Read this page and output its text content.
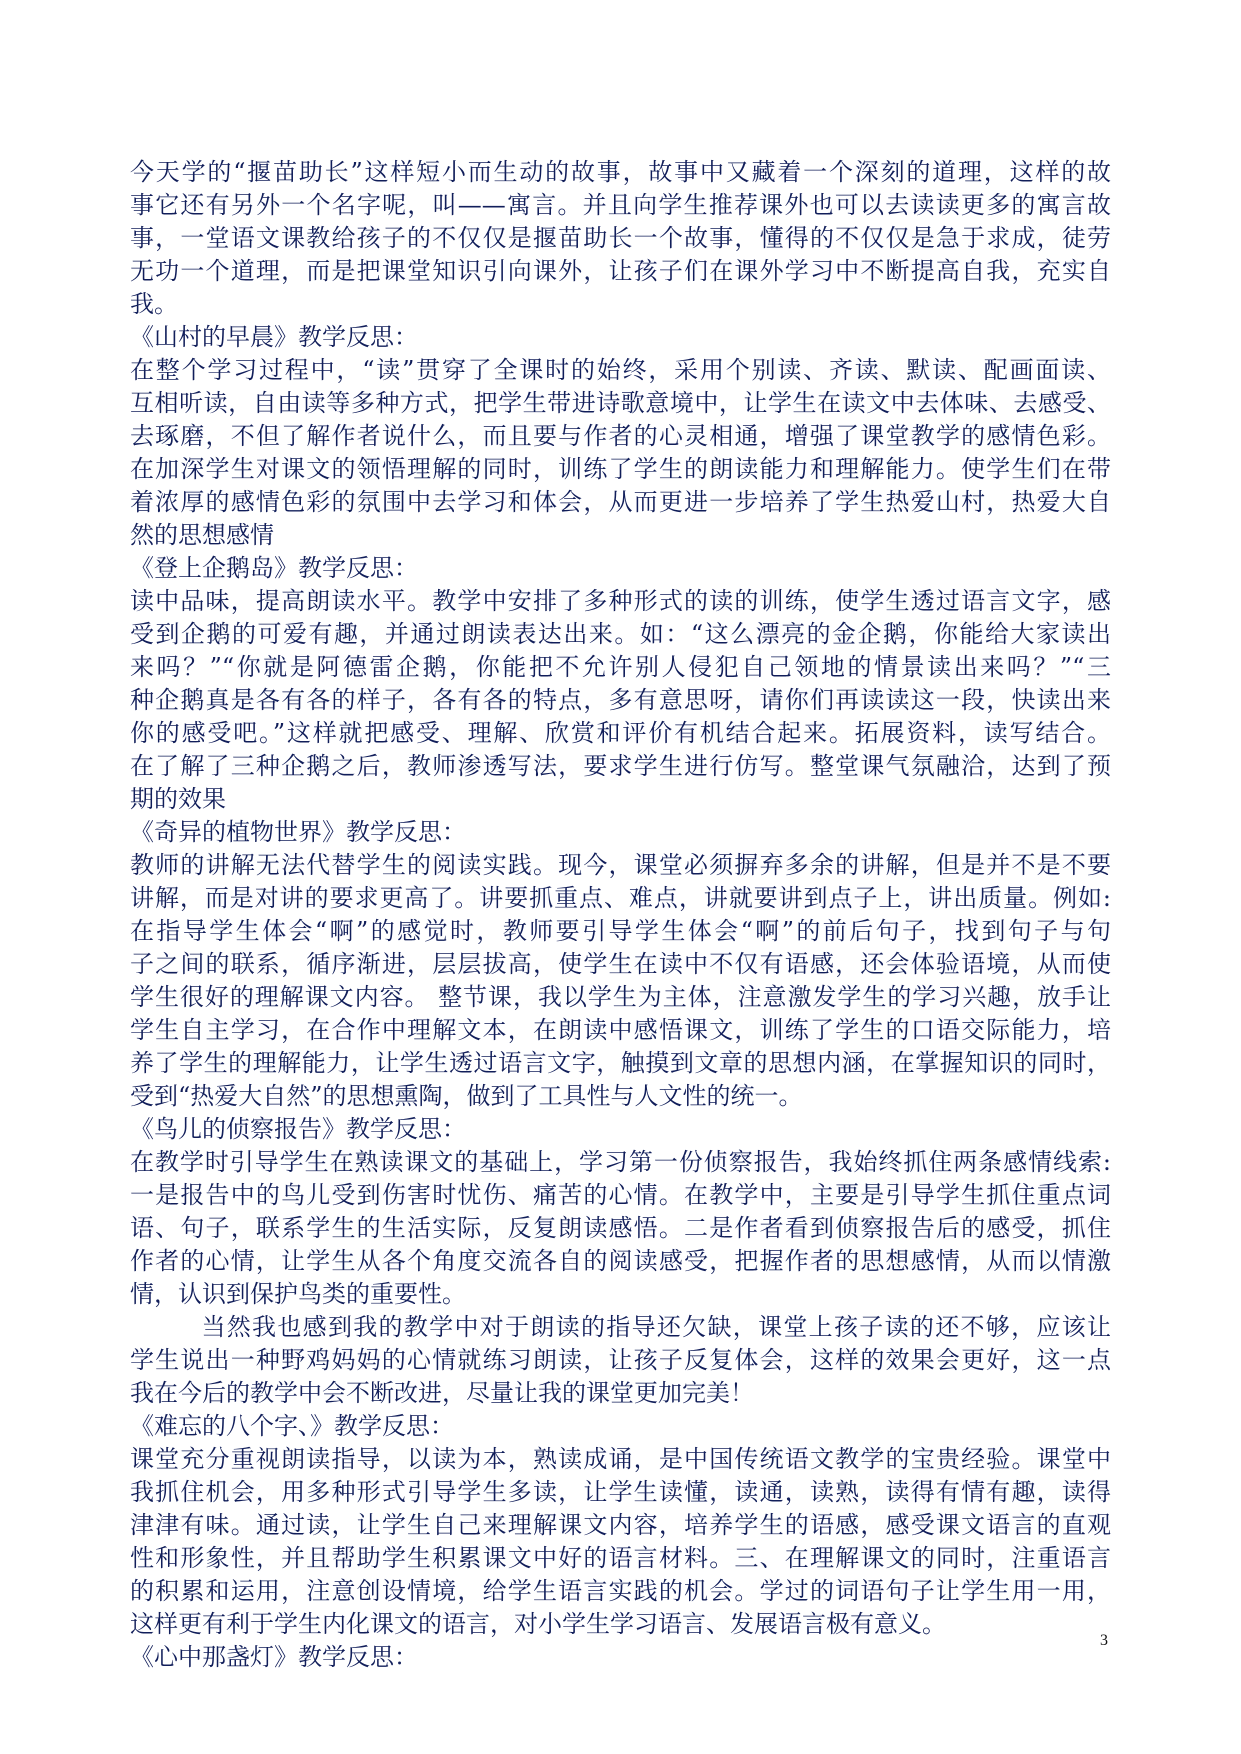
今天学的“揠苗助长”这样短小而生动的故事，故事中又藏着一个深刻的道理，这样的故
事它还有另外一个名字呢，叫——寓言。并且向学生推荐课外也可以去读读更多的寓言故
事，一堂语文课教给孩子的不仅仅是揠苗助长一个故事，懂得的不仅仅是急于求成，徒劳
无功一个道理，而是把课堂知识引向课外，让孩子们在课外学习中不断提高自我，充实自
我。
《山村的早晨》教学反思：
在整个学习过程中，“读”贯穿了全课时的始终，采用个别读、齐读、默读、配画面读、
互相听读，自由读等多种方式，把学生带进诗歌意境中，让学生在读文中去体味、去感受、
去琢磨，不但了解作者说什么，而且要与作者的心灵相通，增强了课堂教学的感情色彩。
在加深学生对课文的领悟理解的同时，训练了学生的朗读能力和理解能力。使学生们在带
着浓厚的感情色彩的氛围中去学习和体会，从而更进一步培养了学生热爱山村，热爱大自
然的思想感情
《登上企鹅岛》教学反思：
读中品味，提高朗读水平。教学中安排了多种形式的读的训练，使学生透过语言文字，感
受到企鹅的可爱有趣，并通过朗读表达出来。如：“这么漂亮的金企鹅，你能给大家读出
来吗？”“你就是阿德雷企鹅，你能把不允许别人侵犯自己领地的情景读出来吗？”“三
种企鹅真是各有各的样子，各有各的特点，多有意思呀，请你们再读读这一段，快读出来
你的感受吧。”这样就把感受、理解、欣赏和评价有机结合起来。拓展资料，读写结合。
在了解了三种企鹅之后，教师渗透写法，要求学生进行仿写。整堂课气氛融洽，达到了预
期的效果
《奇异的植物世界》教学反思：
教师的讲解无法代替学生的阅读实践。现今，课堂必须摒弃多余的讲解，但是并不是不要
讲解，而是对讲的要求更高了。讲要抓重点、难点，讲就要讲到点子上，讲出质量。例如:
在指导学生体会“啊”的感觉时，教师要引导学生体会“啊”的前后句子，找到句子与句
子之间的联系，循序渐进，层层拔高，使学生在读中不仅有语感，还会体验语境，从而使
学生很好的理解课文内容。 整节课，我以学生为主体，注意激发学生的学习兴趣，放手让
学生自主学习，在合作中理解文本，在朗读中感悟课文，训练了学生的口语交际能力，培
养了学生的理解能力，让学生透过语言文字，触摸到文章的思想内涵，在掌握知识的同时，
受到“热爱大自然”的思想熏陶，做到了工具性与人文性的统一。
《鸟儿的侦察报告》教学反思：
在教学时引导学生在熟读课文的基础上，学习第一份侦察报告，我始终抓住两条感情线索:
一是报告中的鸟儿受到伤害时忧伤、痛苦的心情。在教学中，主要是引导学生抓住重点词
语、句子，联系学生的生活实际，反复朗读感悟。二是作者看到侦察报告后的感受，抓住
作者的心情，让学生从各个角度交流各自的阅读感受，把握作者的思想感情，从而以情激
情，认识到保护鸟类的重要性。
当然我也感到我的教学中对于朗读的指导还欠缺，课堂上孩子读的还不够，应该让
学生说出一种野鸡妈妈的心情就练习朗读，让孩子反复体会，这样的效果会更好，这一点
我在今后的教学中会不断改进，尽量让我的课堂更加完美！
《难忘的八个字、》教学反思：
课堂充分重视朗读指导，以读为本，熟读成诵，是中国传统语文教学的宝贵经验。课堂中
我抓住机会，用多种形式引导学生多读，让学生读懂，读通，读熟，读得有情有趣，读得
津津有味。通过读，让学生自己来理解课文内容，培养学生的语感，感受课文语言的直观
性和形象性，并且帮助学生积累课文中好的语言材料。三、在理解课文的同时，注重语言
的积累和运用，注意创设情境，给学生语言实践的机会。学过的词语句子让学生用一用，
这样更有利于学生内化课文的语言，对小学生学习语言、发展语言极有意义。
《心中那盏灯》教学反思：
3
